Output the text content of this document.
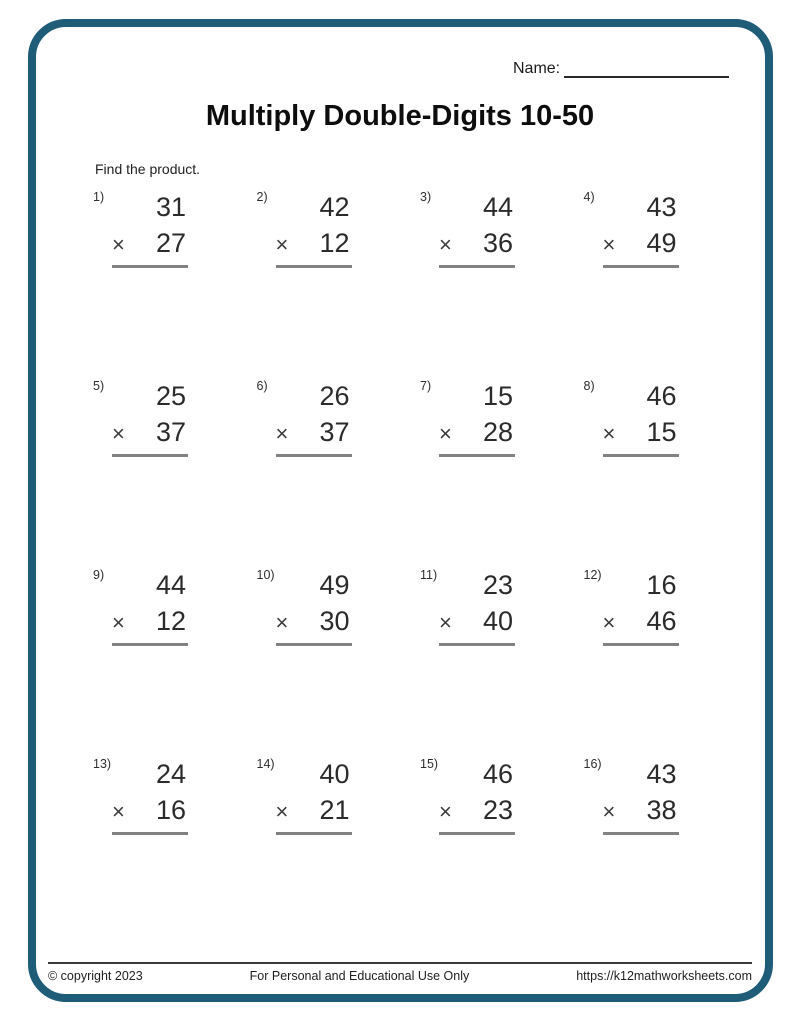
Name:
Multiply Double-Digits 10-50
Find the product.
1)	31
× 27
2)	42
× 12
3)	44
× 36
4)	43
× 49
5)	25
× 37
6)	26
× 37
7)	15
× 28
8)	46
× 15
9)	44
× 12
10)	49
× 30
11)	23
× 40
12)	16
× 46
13)	24
× 16
14)	40
× 21
15)	46
× 23
16)	43
× 38
© copyright 2023	For Personal and Educational Use Only	https://k12mathworksheets.com
